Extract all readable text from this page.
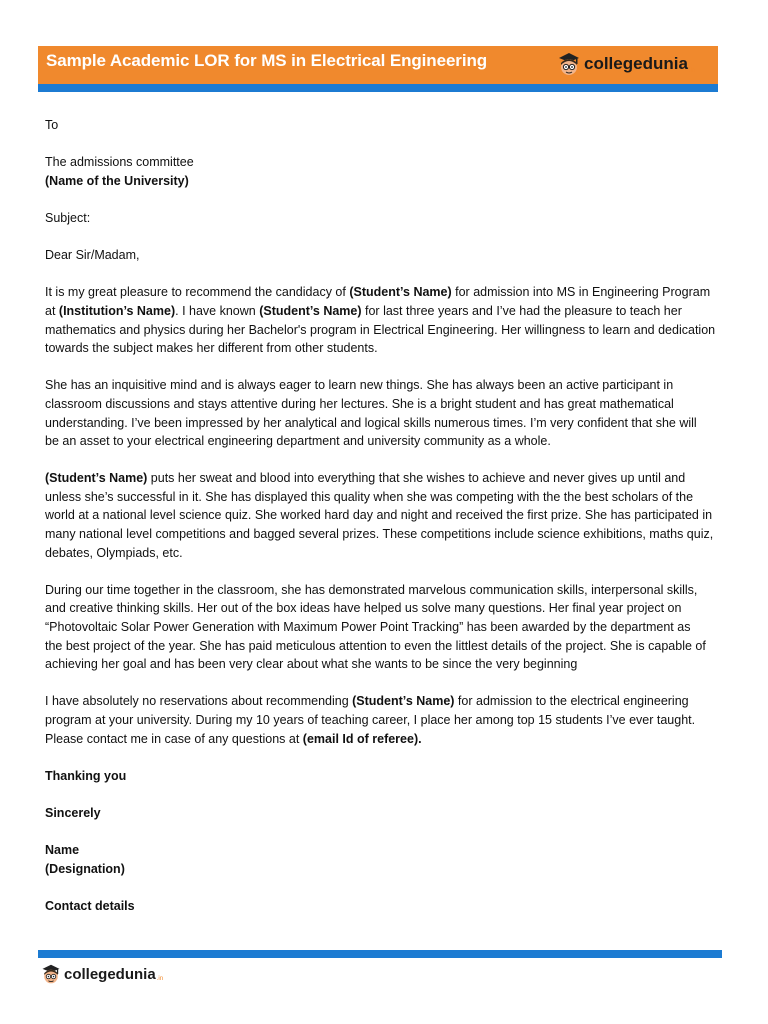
Sample Academic LOR for MS in Electrical Engineering	collegedunia .in
To
The admissions committee
(Name of the University)
Subject:
Dear Sir/Madam,
It is my great pleasure to recommend the candidacy of (Student’s Name) for admission into MS in Engineering Program
at (Institution’s Name). I have known (Student’s Name) for last three years and I’ve had the pleasure to teach her
mathematics and physics during her Bachelor's program in Electrical Engineering. Her willingness to learn and dedication
towards the subject makes her different from other students.
She has an inquisitive mind and is always eager to learn new things. She has always been an active participant in
classroom discussions and stays attentive during her lectures. She is a bright student and has great mathematical
understanding. I’ve been impressed by her analytical and logical skills numerous times. I’m very confident that she will
be an asset to your electrical engineering department and university community as a whole.
(Student’s Name) puts her sweat and blood into everything that she wishes to achieve and never gives up until and
unless she’s successful in it. She has displayed this quality when she was competing with the the best scholars of the
world at a national level science quiz. She worked hard day and night and received the first prize. She has participated in
many national level competitions and bagged several prizes. These competitions include science exhibitions, maths quiz,
debates, Olympiads, etc.
During our time together in the classroom, she has demonstrated marvelous communication skills, interpersonal skills,
and creative thinking skills. Her out of the box ideas have helped us solve many questions. Her final year project on
“Photovoltaic Solar Power Generation with Maximum Power Point Tracking” has been awarded by the department as
the best project of the year. She has paid meticulous attention to even the littlest details of the project. She is capable of
achieving her goal and has been very clear about what she wants to be since the very beginning
I have absolutely no reservations about recommending (Student’s Name) for admission to the electrical engineering
program at your university. During my 10 years of teaching career, I place her among top 15 students I’ve ever taught.
Please contact me in case of any questions at (email Id of referee).
Thanking you
Sincerely
Name
(Designation)
Contact details
collegedunia .in
